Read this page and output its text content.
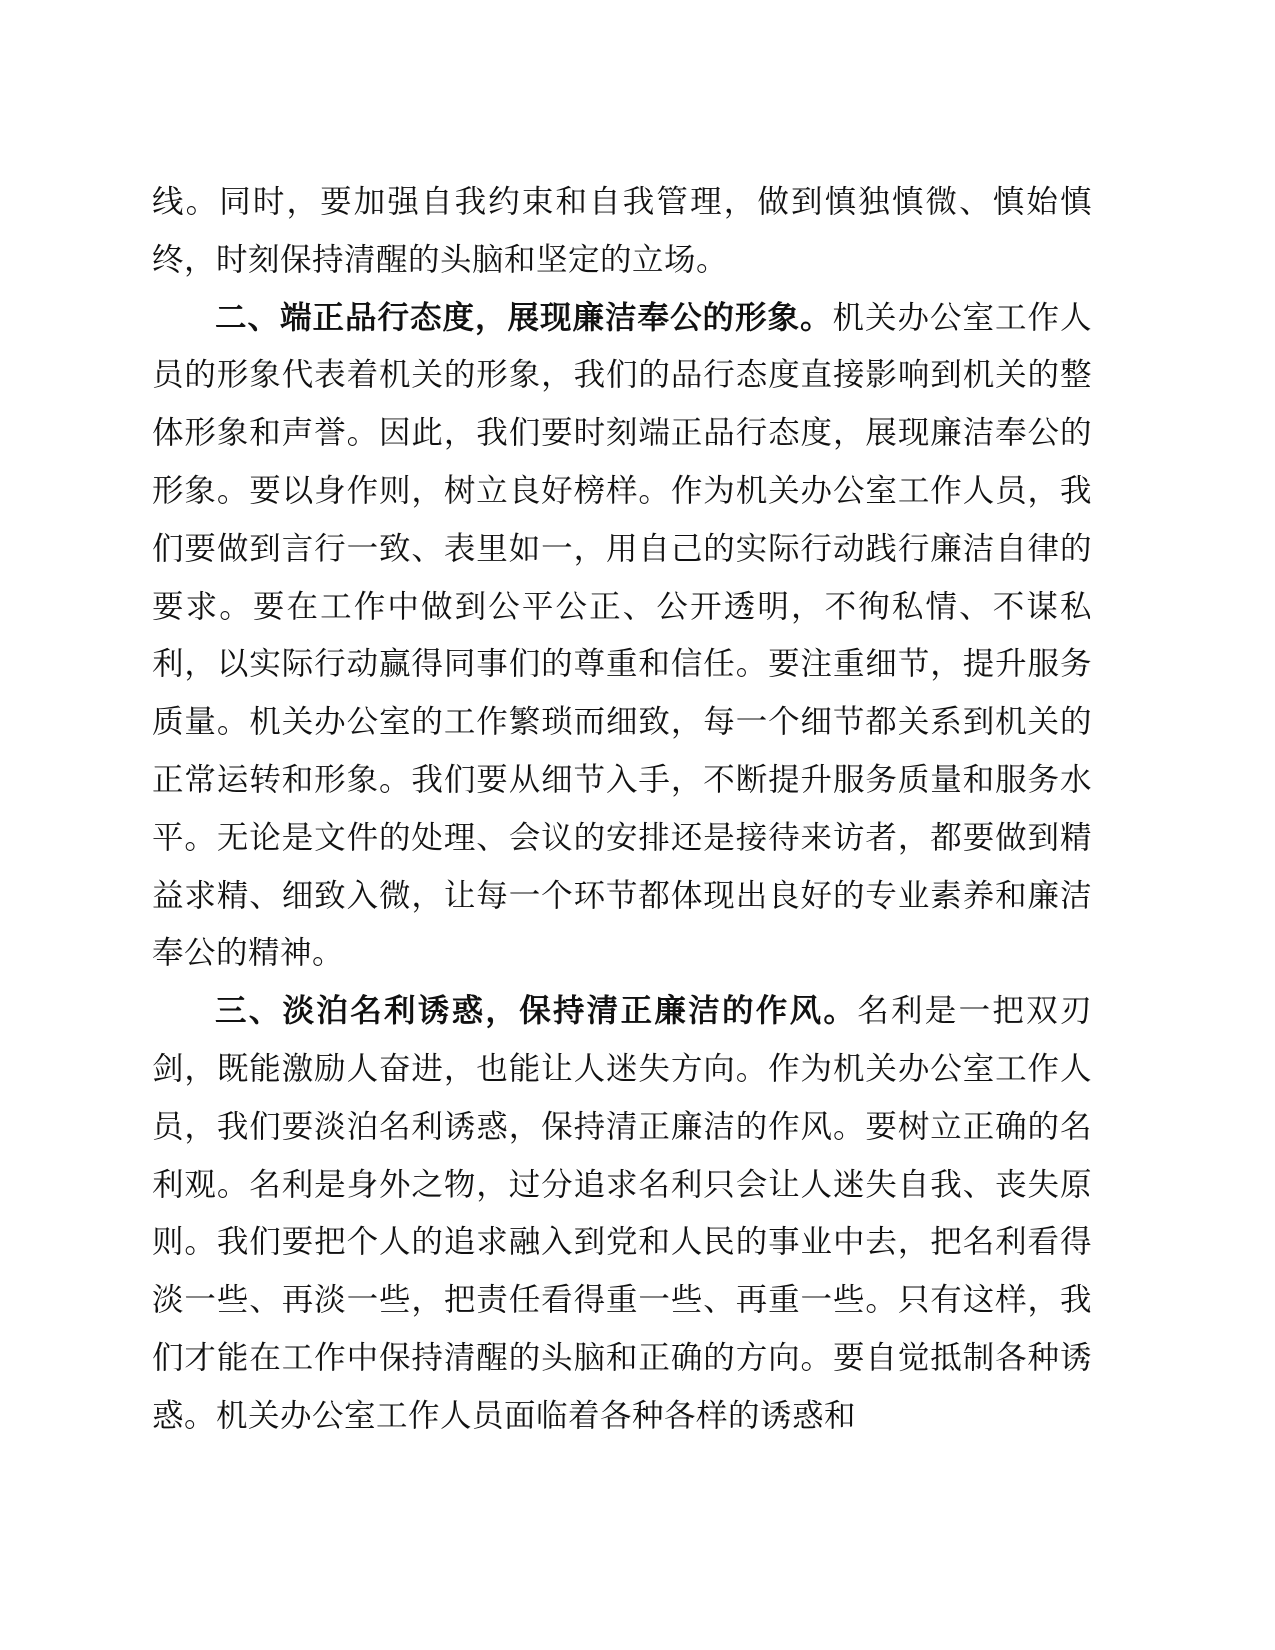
线。同时，要加强自我约束和自我管理，做到慎独慎微、慎始慎终，时刻保持清醒的头脑和坚定的立场。

二、端正品行态度，展现廉洁奉公的形象。机关办公室工作人员的形象代表着机关的形象，我们的品行态度直接影响到机关的整体形象和声誉。因此，我们要时刻端正品行态度，展现廉洁奉公的形象。要以身作则，树立良好榜样。作为机关办公室工作人员，我们要做到言行一致、表里如一，用自己的实际行动践行廉洁自律的要求。要在工作中做到公平公正、公开透明，不徇私情、不谋私利，以实际行动赢得同事们的尊重和信任。要注重细节，提升服务质量。机关办公室的工作繁琐而细致，每一个细节都关系到机关的正常运转和形象。我们要从细节入手，不断提升服务质量和服务水平。无论是文件的处理、会议的安排还是接待来访者，都要做到精益求精、细致入微，让每一个环节都体现出良好的专业素养和廉洁奉公的精神。

三、淡泊名利诱惑，保持清正廉洁的作风。名利是一把双刃剑，既能激励人奋进，也能让人迷失方向。作为机关办公室工作人员，我们要淡泊名利诱惑，保持清正廉洁的作风。要树立正确的名利观。名利是身外之物，过分追求名利只会让人迷失自我、丧失原则。我们要把个人的追求融入到党和人民的事业中去，把名利看得淡一些、再淡一些，把责任看得重一些、再重一些。只有这样，我们才能在工作中保持清醒的头脑和正确的方向。要自觉抵制各种诱惑。机关办公室工作人员面临着各种各样的诱惑和
